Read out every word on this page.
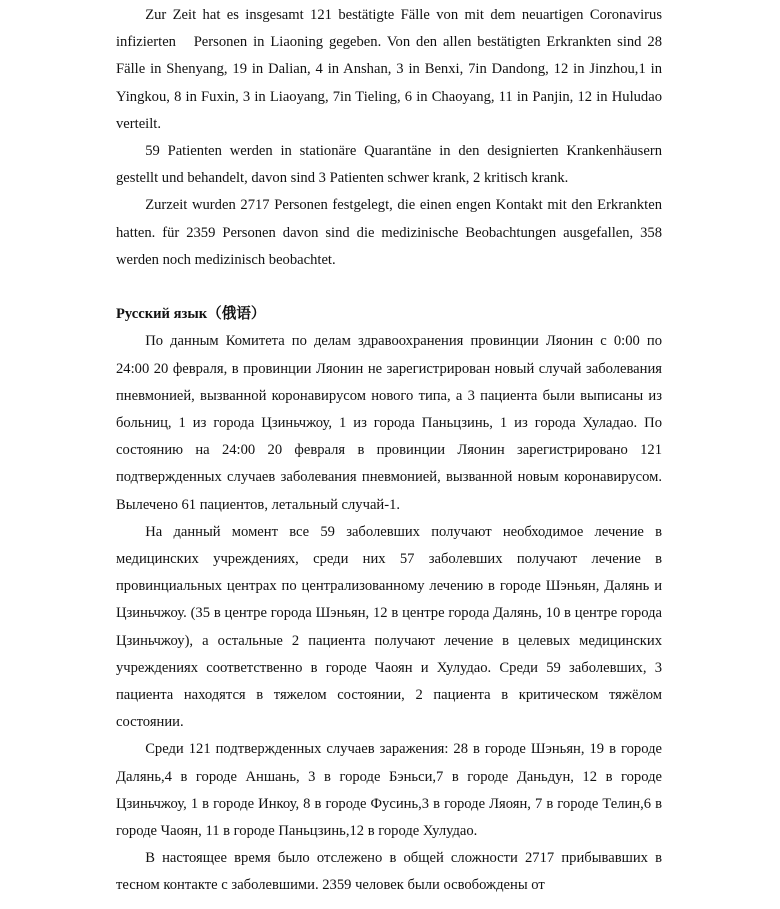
Zur Zeit hat es insgesamt 121 bestätigte Fälle von mit dem neuartigen Coronavirus infizierten   Personen in Liaoning gegeben. Von den allen bestätigten Erkrankten sind 28 Fälle in Shenyang, 19 in Dalian, 4 in Anshan, 3 in Benxi, 7in Dandong, 12 in Jinzhou,1 in Yingkou, 8 in Fuxin, 3 in Liaoyang, 7in Tieling, 6 in Chaoyang, 11 in Panjin, 12 in Huludao verteilt.

59 Patienten werden in stationäre Quarantäne in den designierten Krankenhäusern gestellt und behandelt, davon sind 3 Patienten schwer krank, 2 kritisch krank.

Zurzeit wurden 2717 Personen festgelegt, die einen engen Kontakt mit den Erkrankten hatten. für 2359 Personen davon sind die medizinische Beobachtungen ausgefallen, 358 werden noch medizinisch beobachtet.

Русский язык（俄语）

По данным Комитета по делам здравоохранения провинции Ляонин с 0:00 по 24:00 20 февраля, в провинции Ляонин не зарегистрирован новый случай заболевания пневмонией, вызванной коронавирусом нового типа, а 3 пациента были выписаны из больниц, 1 из города Цзиньчжоу, 1 из города Паньцзинь, 1 из города Хуладао. По состоянию на 24:00 20 февраля в провинции Ляонин зарегистрировано 121 подтвержденных случаев заболевания пневмонией, вызванной новым коронавирусом. Вылечено 61 пациентов, летальный случай-1.

На данный момент все 59 заболевших получают необходимое лечение в медицинских учреждениях, среди них 57 заболевших получают лечение в провинциальных центрах по централизованному лечению в городе Шэньян, Далянь и Цзиньчжоу. (35 в центре города Шэньян, 12 в центре города Далянь, 10 в центре города Цзиньчжоу), а остальные 2 пациента получают лечение в целевых медицинских учреждениях соответственно в городе Чаоян и Хулудао. Среди 59 заболевших, 3 пациента находятся в тяжелом состоянии, 2 пациента в критическом тяжёлом состоянии.

Среди 121 подтвержденных случаев заражения: 28 в городе Шэньян, 19 в городе Далянь,4 в городе Аншань, 3 в городе Бэньси,7 в городе Даньдун, 12 в городе Цзиньчжоу, 1 в городе Инкоу, 8 в городе Фусинь,3 в городе Ляоян, 7 в городе Телин,6 в городе Чаоян, 11 в городе Паньцзинь,12 в городе Хулудао.

В настоящее время было отслежено в общей сложности 2717 прибывавших в тесном контакте с заболевшими. 2359 человек были освобождены от
